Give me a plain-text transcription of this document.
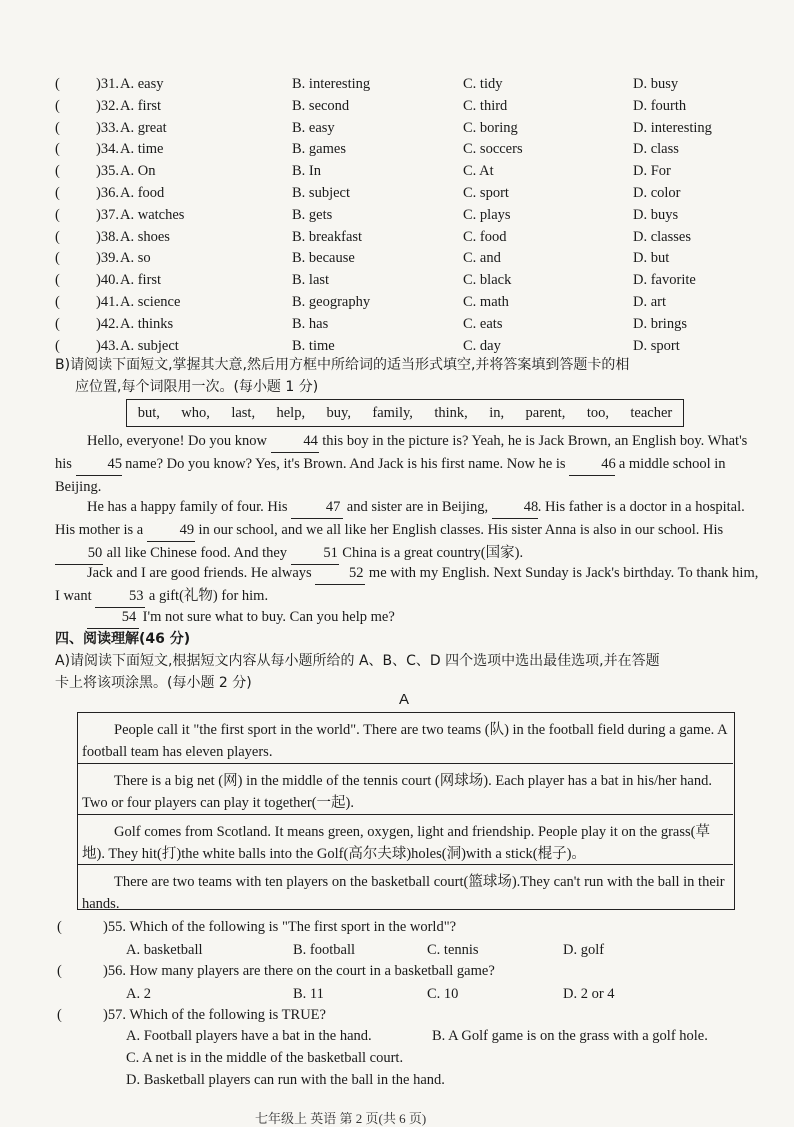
( )31. A. easy	B. interesting	C. tidy	D. busy
( )32. A. first	B. second	C. third	D. fourth
( )33. A. great	B. easy	C. boring	D. interesting
( )34. A. time	B. games	C. soccers	D. class
( )35. A. On	B. In	C. At	D. For
( )36. A. food	B. subject	C. sport	D. color
( )37. A. watches	B. gets	C. plays	D. buys
( )38. A. shoes	B. breakfast	C. food	D. classes
( )39. A. so	B. because	C. and	D. but
( )40. A. first	B. last	C. black	D. favorite
( )41. A. science	B. geography	C. math	D. art
( )42. A. thinks	B. has	C. eats	D. brings
( )43. A. subject	B. time	C. day	D. sport
B)请阅读下面短文,掌握其大意,然后用方框中所给词的适当形式填空,并将答案填到答题卡的相
应位置,每个词限用一次。(每小题 1 分)
but, who, last, help, buy, family, think, in, parent, too, teacher
Hello, everyone! Do you know 44 this boy in the picture is? Yeah, he is Jack Brown, an English boy. What's his 45 name? Do you know? Yes, it's Brown. And Jack is his first name. Now he is 46 a middle school in Beijing.
He has a happy family of four. His 47 and sister are in Beijing, 48. His father is a doctor in a hospital. His mother is a 49 in our school, and we all like her English classes. His sister Anna is also in our school. His 50 all like Chinese food. And they 51 China is a great country(国家).
Jack and I are good friends. He always 52 me with my English. Next Sunday is Jack's birthday. To thank him, I want 53 a gift(礼物) for him.
54 I'm not sure what to buy. Can you help me?
四、阅读理解(46 分)
A)请阅读下面短文,根据短文内容从每小题所给的 A、B、C、D 四个选项中选出最佳选项,并在答题
卡上将该项涂黑。(每小题 2 分)
A
People call it "the first sport in the world". There are two teams (队) in the football field during a game. A football team has eleven players.
There is a big net (网) in the middle of the tennis court (网球场). Each player has a bat in his/her hand. Two or four players can play it together(一起).
Golf comes from Scotland. It means green, oxygen, light and friendship. People play it on the grass(草地). They hit(打)the white balls into the Golf(高尔夫球)holes(洞)with a stick(棍子)。
There are two teams with ten players on the basketball court(篮球场).They can't run with the ball in their hands.
(	)55. Which of the following is "The first sport in the world"?
A. basketball	B. football	C. tennis	D. golf
(	)56. How many players are there on the court in a basketball game?
A. 2	B. 11	C. 10	D. 2 or 4
(	)57. Which of the following is TRUE?
A. Football players have a bat in the hand.	B. A Golf game is on the grass with a golf hole.
C. A net is in the middle of the basketball court.
D. Basketball players can run with the ball in the hand.
七年级上 英语 第 2 页(共 6 页)
